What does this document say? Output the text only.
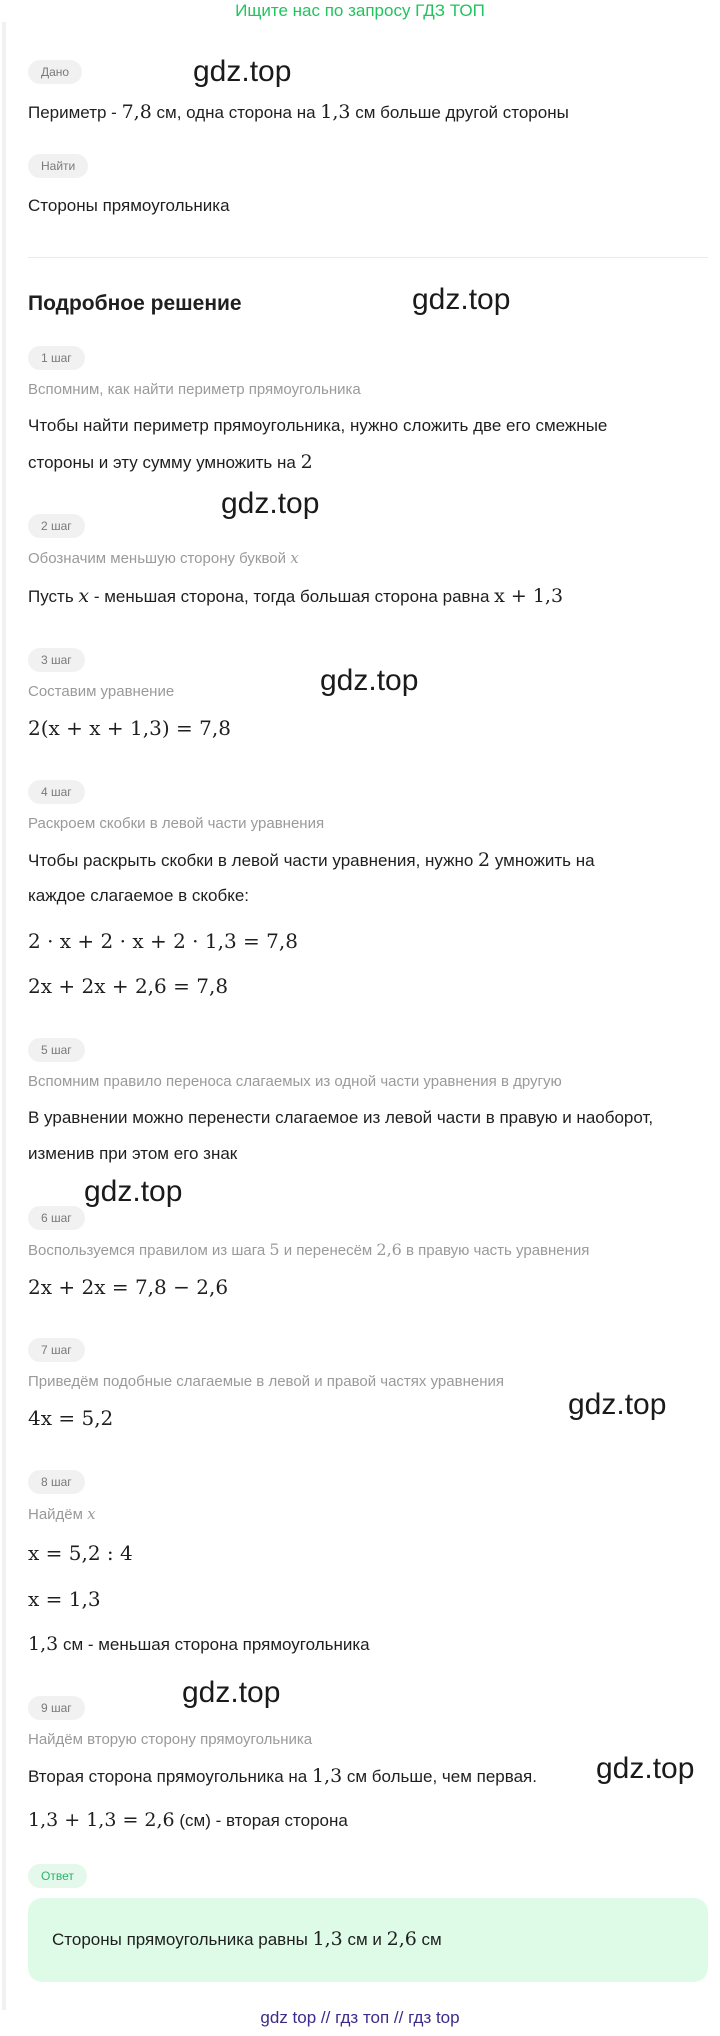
Ищите нас по запросу ГДЗ ТОП
Дано
Периметр - 7,8 см, одна сторона на 1,3 см больше другой стороны
Найти
Стороны прямоугольника
Подробное решение
1 шаг
Вспомним, как найти периметр прямоугольника
Чтобы найти периметр прямоугольника, нужно сложить две его смежные
стороны и эту сумму умножить на 2
2 шаг
Обозначим меньшую сторону буквой x
Пусть x - меньшая сторона, тогда большая сторона равна x + 1,3
3 шаг
Составим уравнение
2(x + x + 1,3) = 7,8
4 шаг
Раскроем скобки в левой части уравнения
Чтобы раскрыть скобки в левой части уравнения, нужно 2 умножить на
каждое слагаемое в скобке:
2 · x + 2 · x + 2 · 1,3 = 7,8
2x + 2x + 2,6 = 7,8
5 шаг
Вспомним правило переноса слагаемых из одной части уравнения в другую
В уравнении можно перенести слагаемое из левой части в правую и наоборот,
изменив при этом его знак
6 шаг
Воспользуемся правилом из шага 5 и перенесём 2,6 в правую часть уравнения
2x + 2x = 7,8 − 2,6
7 шаг
Приведём подобные слагаемые в левой и правой частях уравнения
4x = 5,2
8 шаг
Найдём x
x = 5,2 : 4
x = 1,3
1,3 см - меньшая сторона прямоугольника
9 шаг
Найдём вторую сторону прямоугольника
Вторая сторона прямоугольника на 1,3 см больше, чем первая.
1,3 + 1,3 = 2,6 (см) - вторая сторона
Ответ
Стороны прямоугольника равны 1,3 см и 2,6 см
gdz.top
gdz.top
gdz.top
gdz.top
gdz.top
gdz.top
gdz.top
gdz.top
gdz top // гдз топ // гдз top
